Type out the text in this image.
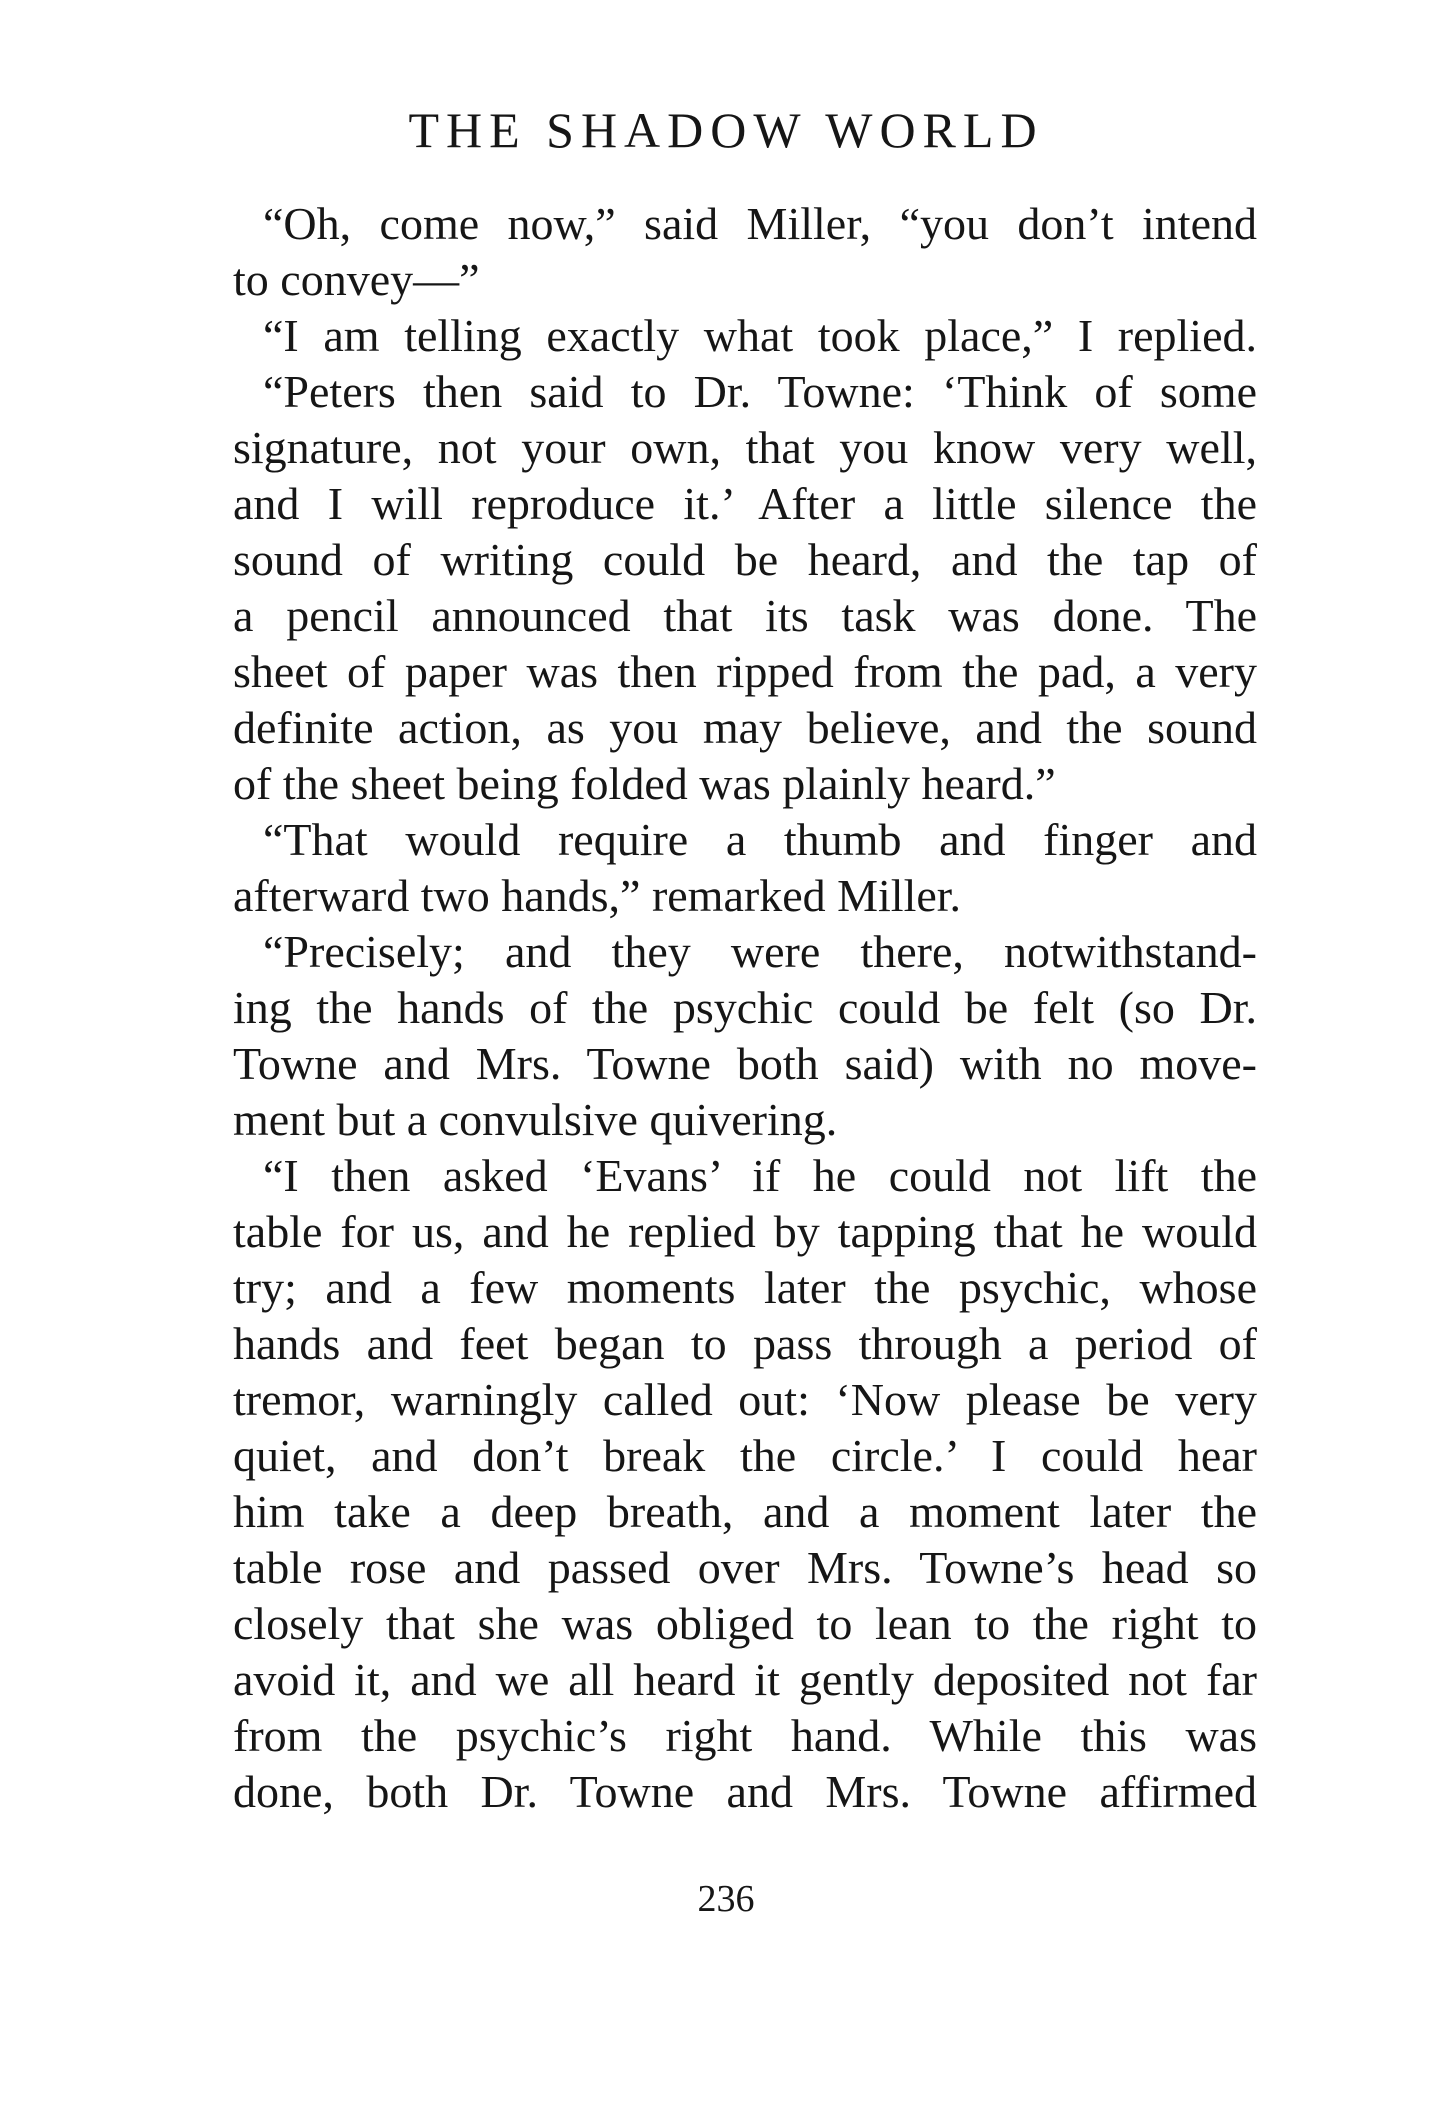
THE SHADOW WORLD
“Oh, come now,” said Miller, “you don’t intend
to convey—”
“I am telling exactly what took place,” I replied.
“Peters then said to Dr. Towne: ‘Think of some
signature, not your own, that you know very well,
and I will reproduce it.’ After a little silence the
sound of writing could be heard, and the tap of
a pencil announced that its task was done. The
sheet of paper was then ripped from the pad, a very
definite action, as you may believe, and the sound
of the sheet being folded was plainly heard.”
“That would require a thumb and finger and
afterward two hands,” remarked Miller.
“Precisely; and they were there, notwithstand-
ing the hands of the psychic could be felt (so Dr.
Towne and Mrs. Towne both said) with no move-
ment but a convulsive quivering.
“I then asked ‘Evans’ if he could not lift the
table for us, and he replied by tapping that he would
try; and a few moments later the psychic, whose
hands and feet began to pass through a period of
tremor, warningly called out: ‘Now please be very
quiet, and don’t break the circle.’ I could hear
him take a deep breath, and a moment later the
table rose and passed over Mrs. Towne’s head so
closely that she was obliged to lean to the right to
avoid it, and we all heard it gently deposited not far
from the psychic’s right hand. While this was
done, both Dr. Towne and Mrs. Towne affirmed
236
